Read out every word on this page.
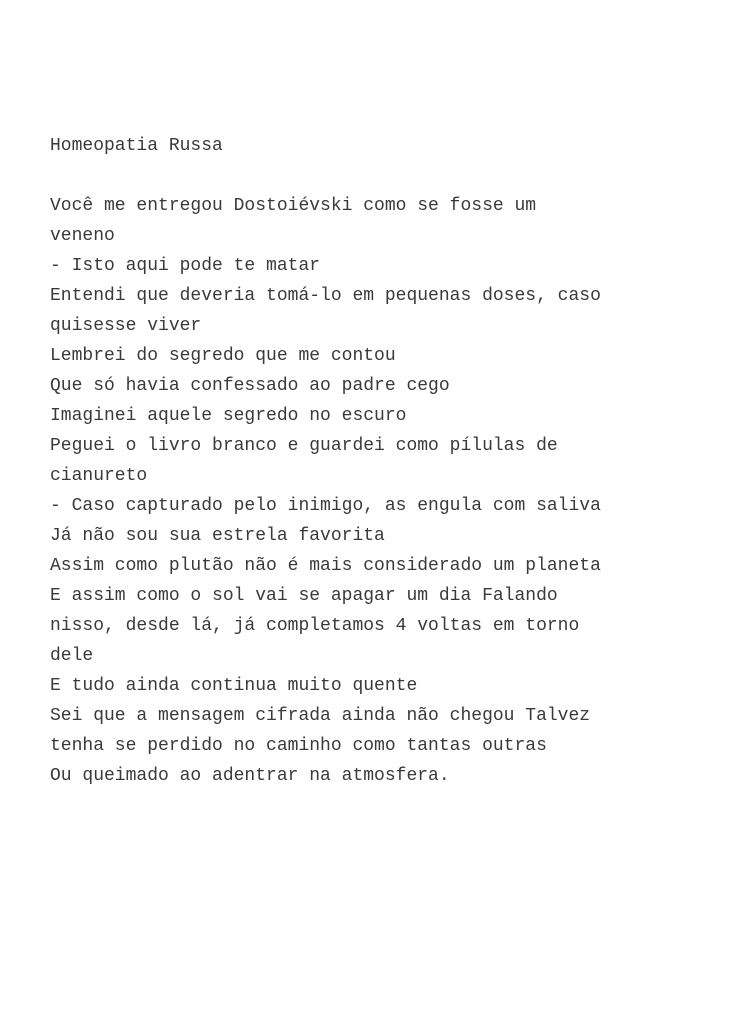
Homeopatia Russa
Você me entregou Dostoiévski como se fosse um
veneno
- Isto aqui pode te matar
Entendi que deveria tomá-lo em pequenas doses, caso
quisesse viver
Lembrei do segredo que me contou
Que só havia confessado ao padre cego
Imaginei aquele segredo no escuro
Peguei o livro branco e guardei como pílulas de
cianureto
- Caso capturado pelo inimigo, as engula com saliva
Já não sou sua estrela favorita
Assim como plutão não é mais considerado um planeta
E assim como o sol vai se apagar um dia Falando
nisso, desde lá, já completamos 4 voltas em torno
dele
E tudo ainda continua muito quente
Sei que a mensagem cifrada ainda não chegou Talvez
tenha se perdido no caminho como tantas outras
Ou queimado ao adentrar na atmosfera.
